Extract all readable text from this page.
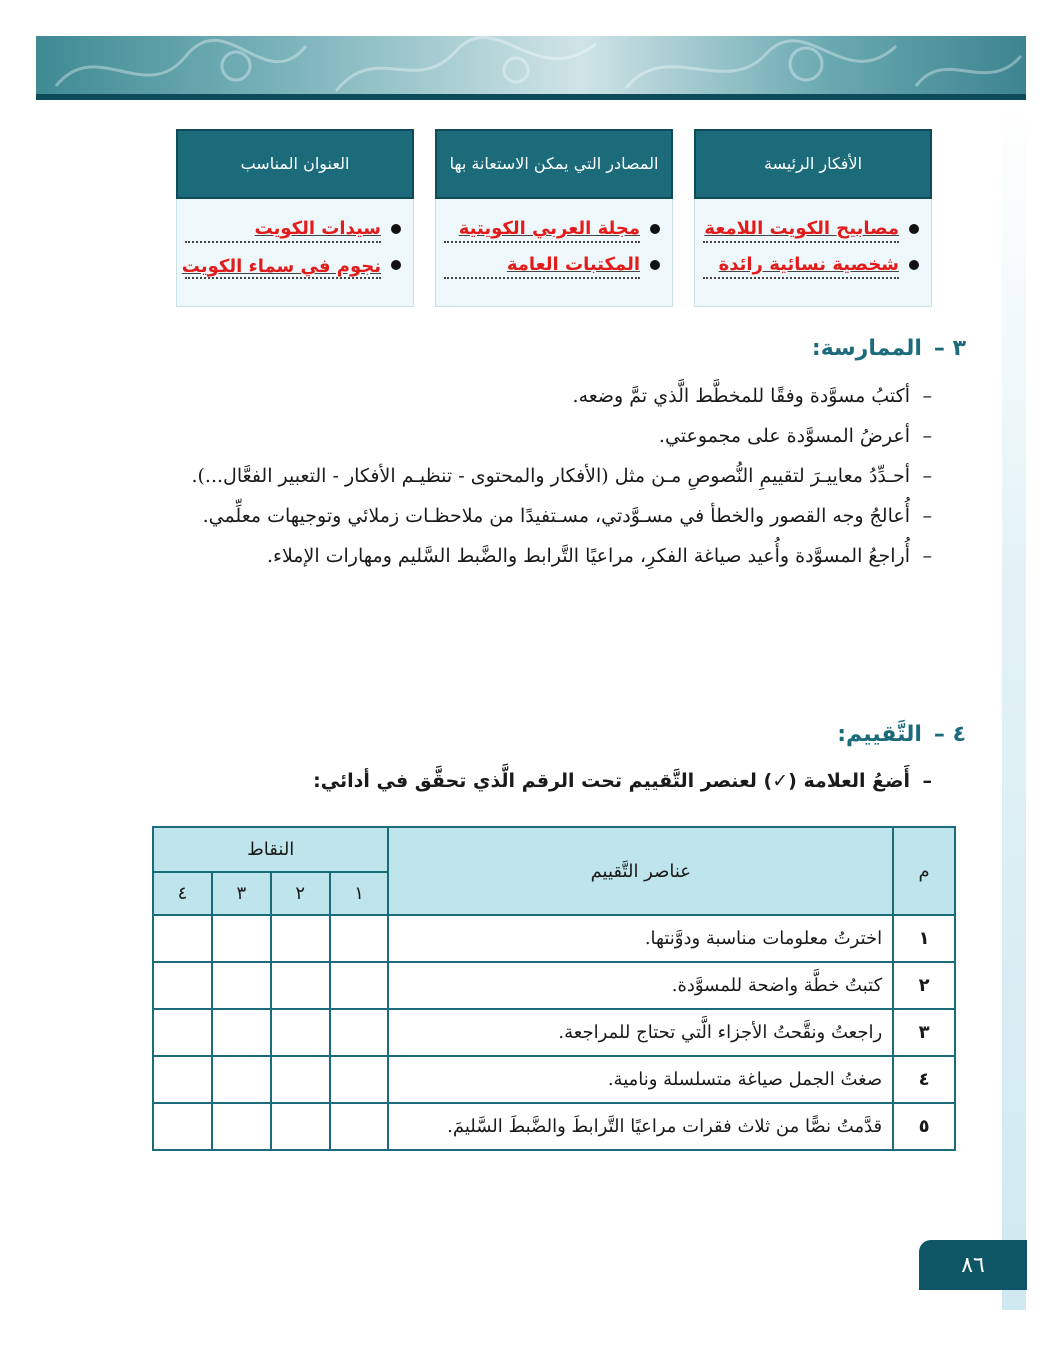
الأفكار الرئيسة
مصابيح الكويت اللامعة
شخصية نسائية رائدة
المصادر التي يمكن الاستعانة بها
مجلة العربي الكويتية
المكتبات العامة
العنوان المناسب
سيدات الكويت
نجوم في سماء الكويت
٣ –
الممارسة:

–
أكتبُ مسوَّدة وفقًا للمخطَّط الَّذي تمَّ وضعه.

–
أعرضُ المسوَّدة على مجموعتي.

–
أحـدِّدُ معاييـرَ لتقييمِ النُّصوصِ مـن مثل (الأفكار والمحتوى - تنظيـم الأفكار - التعبير الفعَّال...).

–
أُعالجُ وجه القصور والخطأ في مسـوَّدتي، مسـتفيدًا من ملاحظـات زملائي وتوجيهات معلِّمي.

–
أُراجعُ المسوَّدة وأُعيد صياغة الفكرِ، مراعيًا التَّرابط والضَّبط السَّليم ومهارات الإملاء.

٤ –
التَّقييم:
–
أَضعُ العلامة (✓) لعنصر التَّقييم تحت الرقم الَّذي تحقَّق في أدائي:
م	عناصر التَّقييم	النقاط			
		١	٢	٣	٤
١	اخترتُ معلومات مناسبة ودوَّنتها.				
٢	كتبتُ خطَّة واضحة للمسوَّدة.				
٣	راجعتُ ونقَّحتُ الأجزاء الَّتي تحتاج للمراجعة.				
٤	صغتُ الجمل صياغة متسلسلة ونامية.				
٥	قدَّمتُ نصًّا من ثلاث فقرات مراعيًا التَّرابطَ والضَّبطَ السَّليمَ.				
٨٦
